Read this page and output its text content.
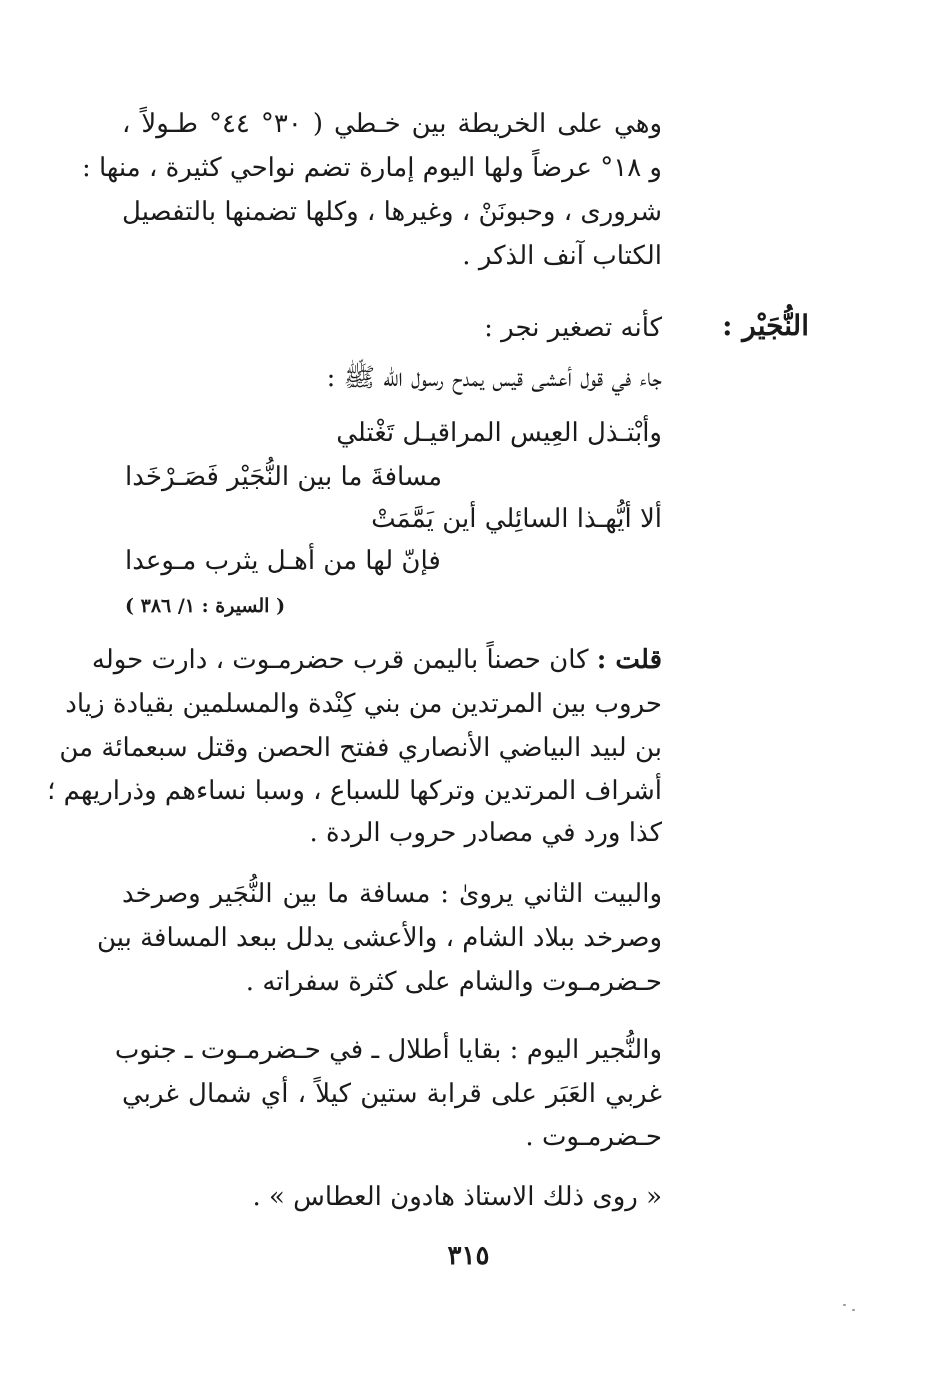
وهي على الخريطة بين خـطي ( ٣٠° ٤٤° طـولاً ،
و ١٨° عرضاً ولها اليوم إمارة تضم نواحي كثيرة ، منها :
شروری ، وحبونَنْ ، وغيرها ، وكلها تضمنها بالتفصيل
الكتاب آنف الذكر .
النُّجَيْر :
كأنه تصغير نجر :
جاء في قول أعشى قيس يمدح رسول الله ﷺ :
وأبْتـذل العِيس المراقيـل تَغْتلي
مسافةَ ما بين النُّجَيْر فَصَـرْخَدا
ألا أيُّهـذا السائِلي أين يَمَّمَتْ
فإنّ لها من أهـل يثرب مـوعدا
( السيرة : ١/ ٣٨٦ )
قلت : كان حصناً باليمن قرب حضرمـوت ، دارت حوله
حروب بين المرتدين من بني كِنْدة والمسلمين بقيادة زياد
بن لبيد البياضي الأنصاري ففتح الحصن وقتل سبعمائة من
أشراف المرتدين وتركها للسباع ، وسبا نساءهم وذراريهم ؛
كذا ورد في مصادر حروب الردة .
والبيت الثاني يروىٰ : مسافة ما بين النُّجَير وصرخد
وصرخد ببلاد الشام ، والأعشى يدلل ببعد المسافة بين
حـضرمـوت والشام على كثرة سفراته .
والنُّجير اليوم : بقايا أطلال ـ في حـضرمـوت ـ جنوب
غربي العَبَر على قرابة ستين كيلاً ، أي شمال غربي
حـضرمـوت .
« روى ذلك الاستاذ هادون العطاس » .
٣١٥
